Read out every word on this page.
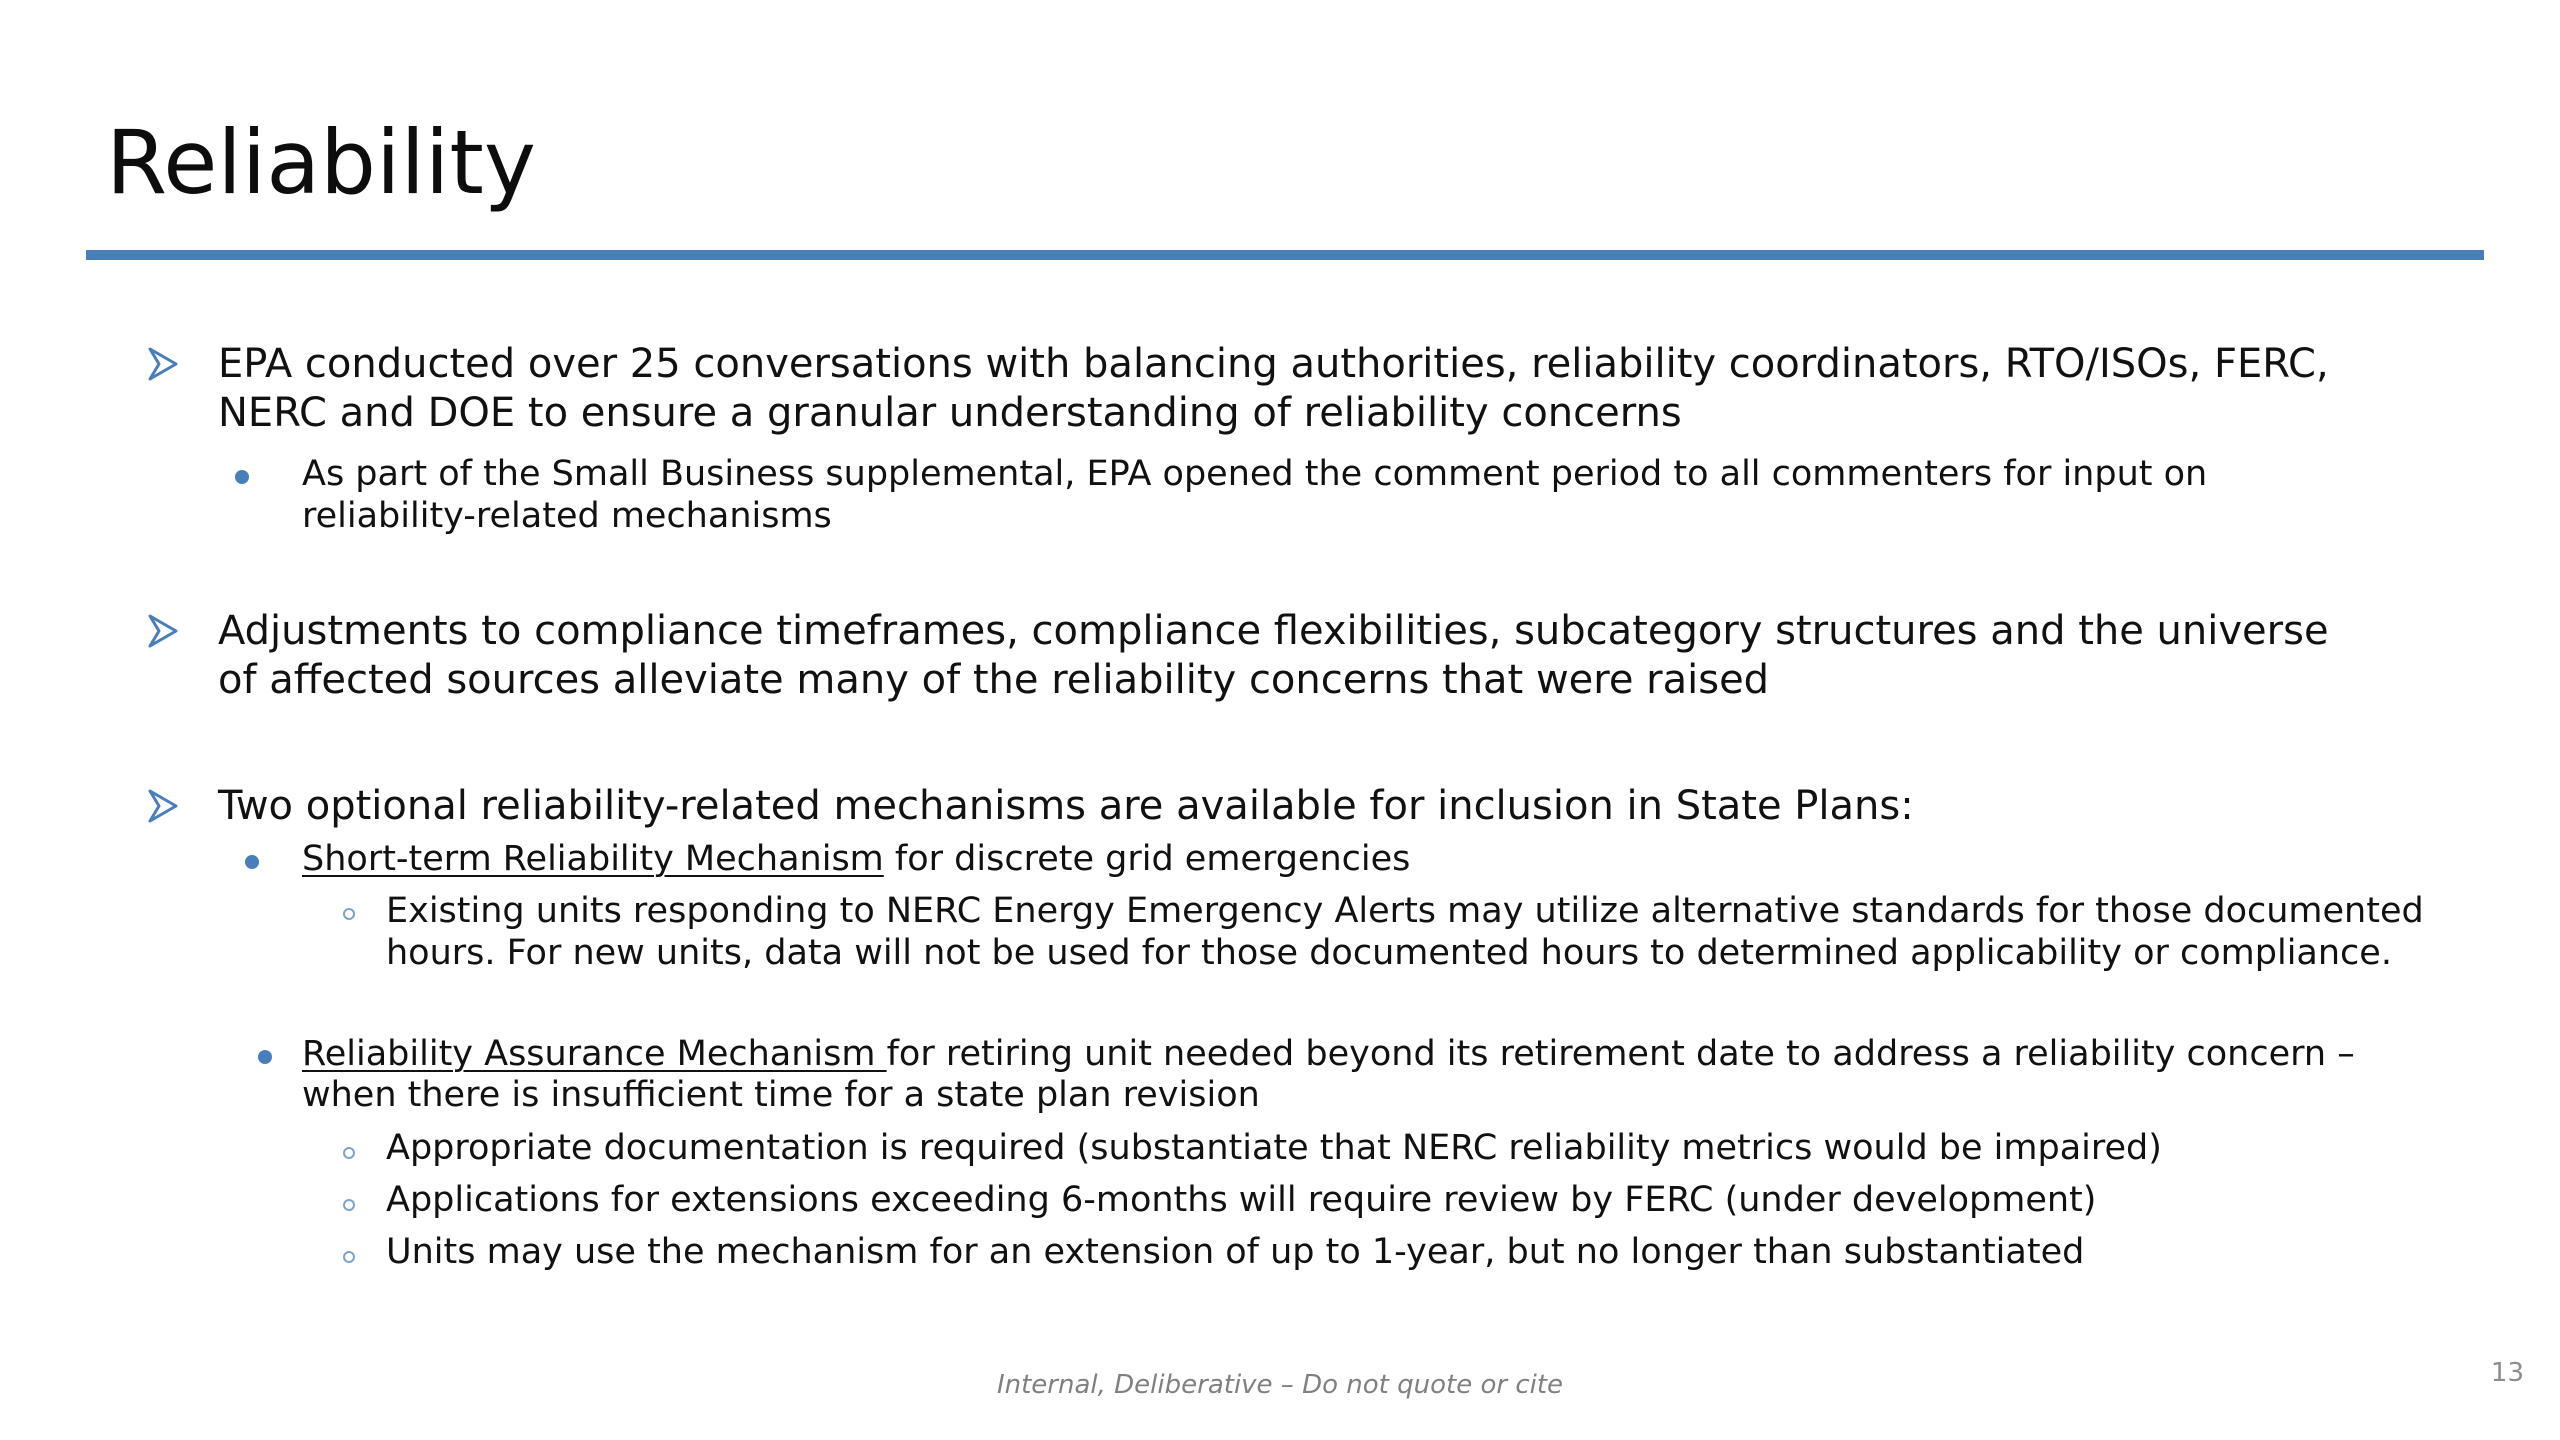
Reliability
EPA conducted over 25 conversations with balancing authorities, reliability coordinators, RTO/ISOs, FERC,
NERC and DOE to ensure a granular understanding of reliability concerns
As part of the Small Business supplemental, EPA opened the comment period to all commenters for input on
reliability-related mechanisms
Adjustments to compliance timeframes, compliance flexibilities, subcategory structures and the universe
of affected sources alleviate many of the reliability concerns that were raised
Two optional reliability-related mechanisms are available for inclusion in State Plans:
Short-term Reliability Mechanism for discrete grid emergencies
Existing units responding to NERC Energy Emergency Alerts may utilize alternative standards for those documented
hours. For new units, data will not be used for those documented hours to determined applicability or compliance.
Reliability Assurance Mechanism for retiring unit needed beyond its retirement date to address a reliability concern –
when there is insufficient time for a state plan revision
Appropriate documentation is required (substantiate that NERC reliability metrics would be impaired)
Applications for extensions exceeding 6-months will require review by FERC (under development)
Units may use the mechanism for an extension of up to 1-year, but no longer than substantiated
Internal, Deliberative – Do not quote or cite	13
